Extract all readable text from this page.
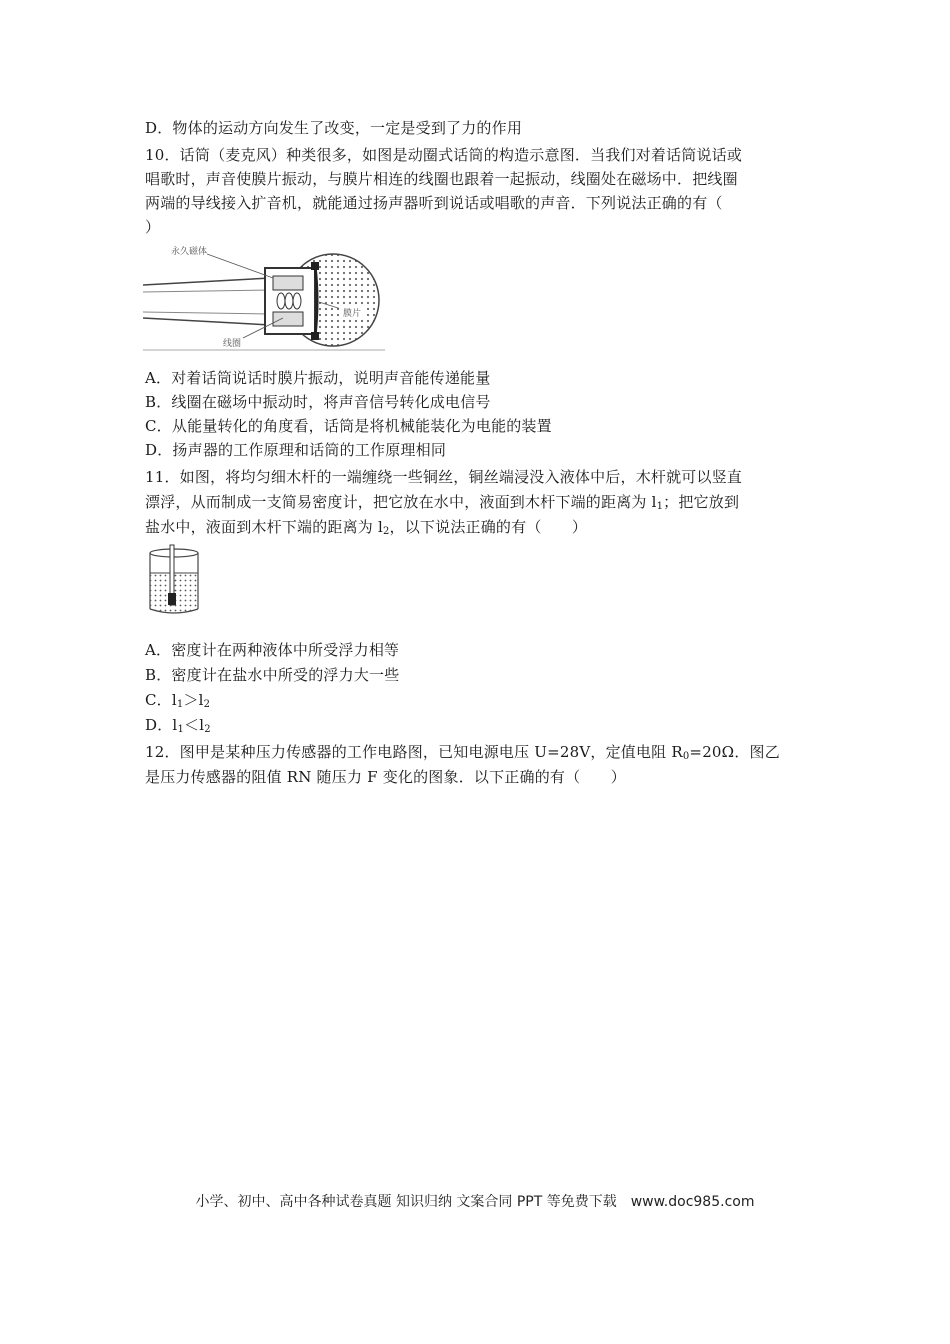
D．物体的运动方向发生了改变，一定是受到了力的作用
10．话筒（麦克风）种类很多，如图是动圈式话筒的构造示意图．当我们对着话筒说话或
唱歌时，声音使膜片振动，与膜片相连的线圈也跟着一起振动，线圈处在磁场中．把线圈
两端的导线接入扩音机，就能通过扬声器听到说话或唱歌的声音．下列说法正确的有（
）
永久磁体
膜片
线圈
A．对着话筒说话时膜片振动，说明声音能传递能量
B．线圈在磁场中振动时，将声音信号转化成电信号
C．从能量转化的角度看，话筒是将机械能装化为电能的装置
D．扬声器的工作原理和话筒的工作原理相同
11．如图，将均匀细木杆的一端缠绕一些铜丝，铜丝端浸没入液体中后，木杆就可以竖直
漂浮，从而制成一支简易密度计，把它放在水中，液面到木杆下端的距离为 $l_1$；把它放到
盐水中，液面到木杆下端的距离为 $l_2$，以下说法正确的有（　　）
A．密度计在两种液体中所受浮力相等
B．密度计在盐水中所受的浮力大一些
C．$l_1>l_2$
D．$l_1<l_2$
12．图甲是某种压力传感器的工作电路图，已知电源电压 U=28V，定值电阻 $R_0=20\Omega$．图乙
是压力传感器的阻值 RN 随压力 F 变化的图象．以下正确的有（　　）
小学、初中、高中各种试卷真题 知识归纳 文案合同 PPT 等免费下载　www.doc985.com
